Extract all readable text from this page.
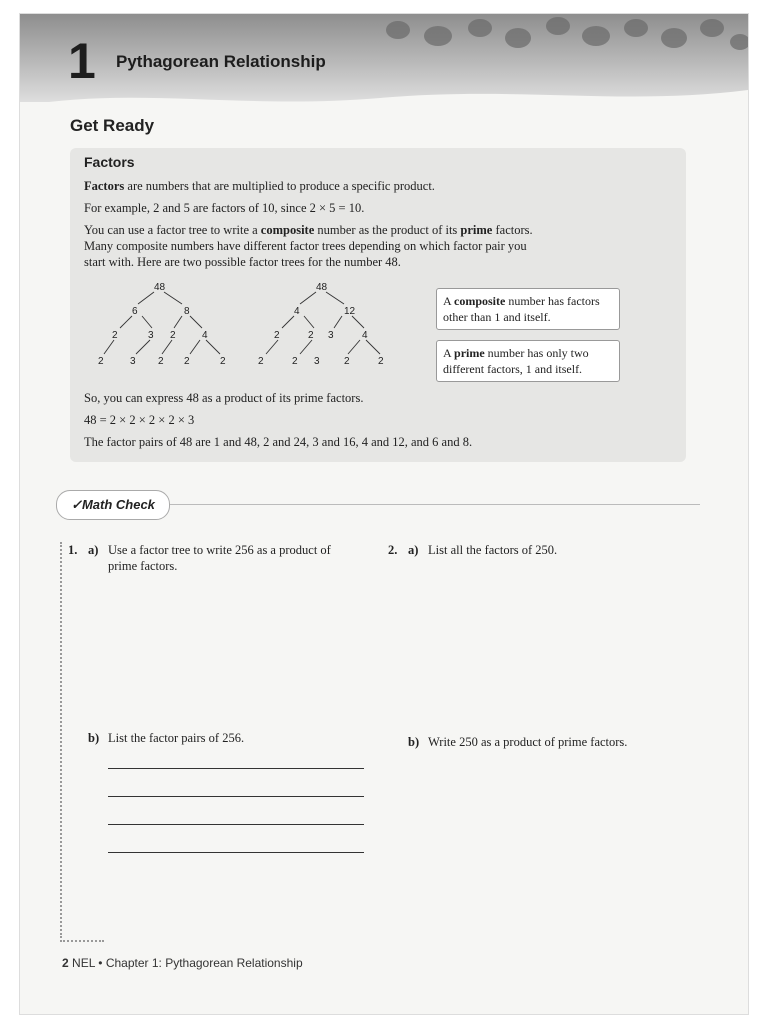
1 Pythagorean Relationship
Get Ready
Factors
Factors are numbers that are multiplied to produce a specific product.
For example, 2 and 5 are factors of 10, since 2 × 5 = 10.
You can use a factor tree to write a composite number as the product of its prime factors.
Many composite numbers have different factor trees depending on which factor pair you
start with. Here are two possible factor trees for the number 48.
48
6	8
2	3 2	4
2	3 2 2	2
48
4	12
2	2 3	4
2	2 3 2	2
A composite number has factors other than 1 and itself.
A prime number has only two different factors, 1 and itself.
So, you can express 48 as a product of its prime factors.
48 = 2 × 2 × 2 × 2 × 3
The factor pairs of 48 are 1 and 48, 2 and 24, 3 and 16, 4 and 12, and 6 and 8.
✓Math Check
1. a) Use a factor tree to write 256 as a product of prime factors.
b) List the factor pairs of 256.
2. a) List all the factors of 250.
b) Write 250 as a product of prime factors.
2 NEL • Chapter 1: Pythagorean Relationship
